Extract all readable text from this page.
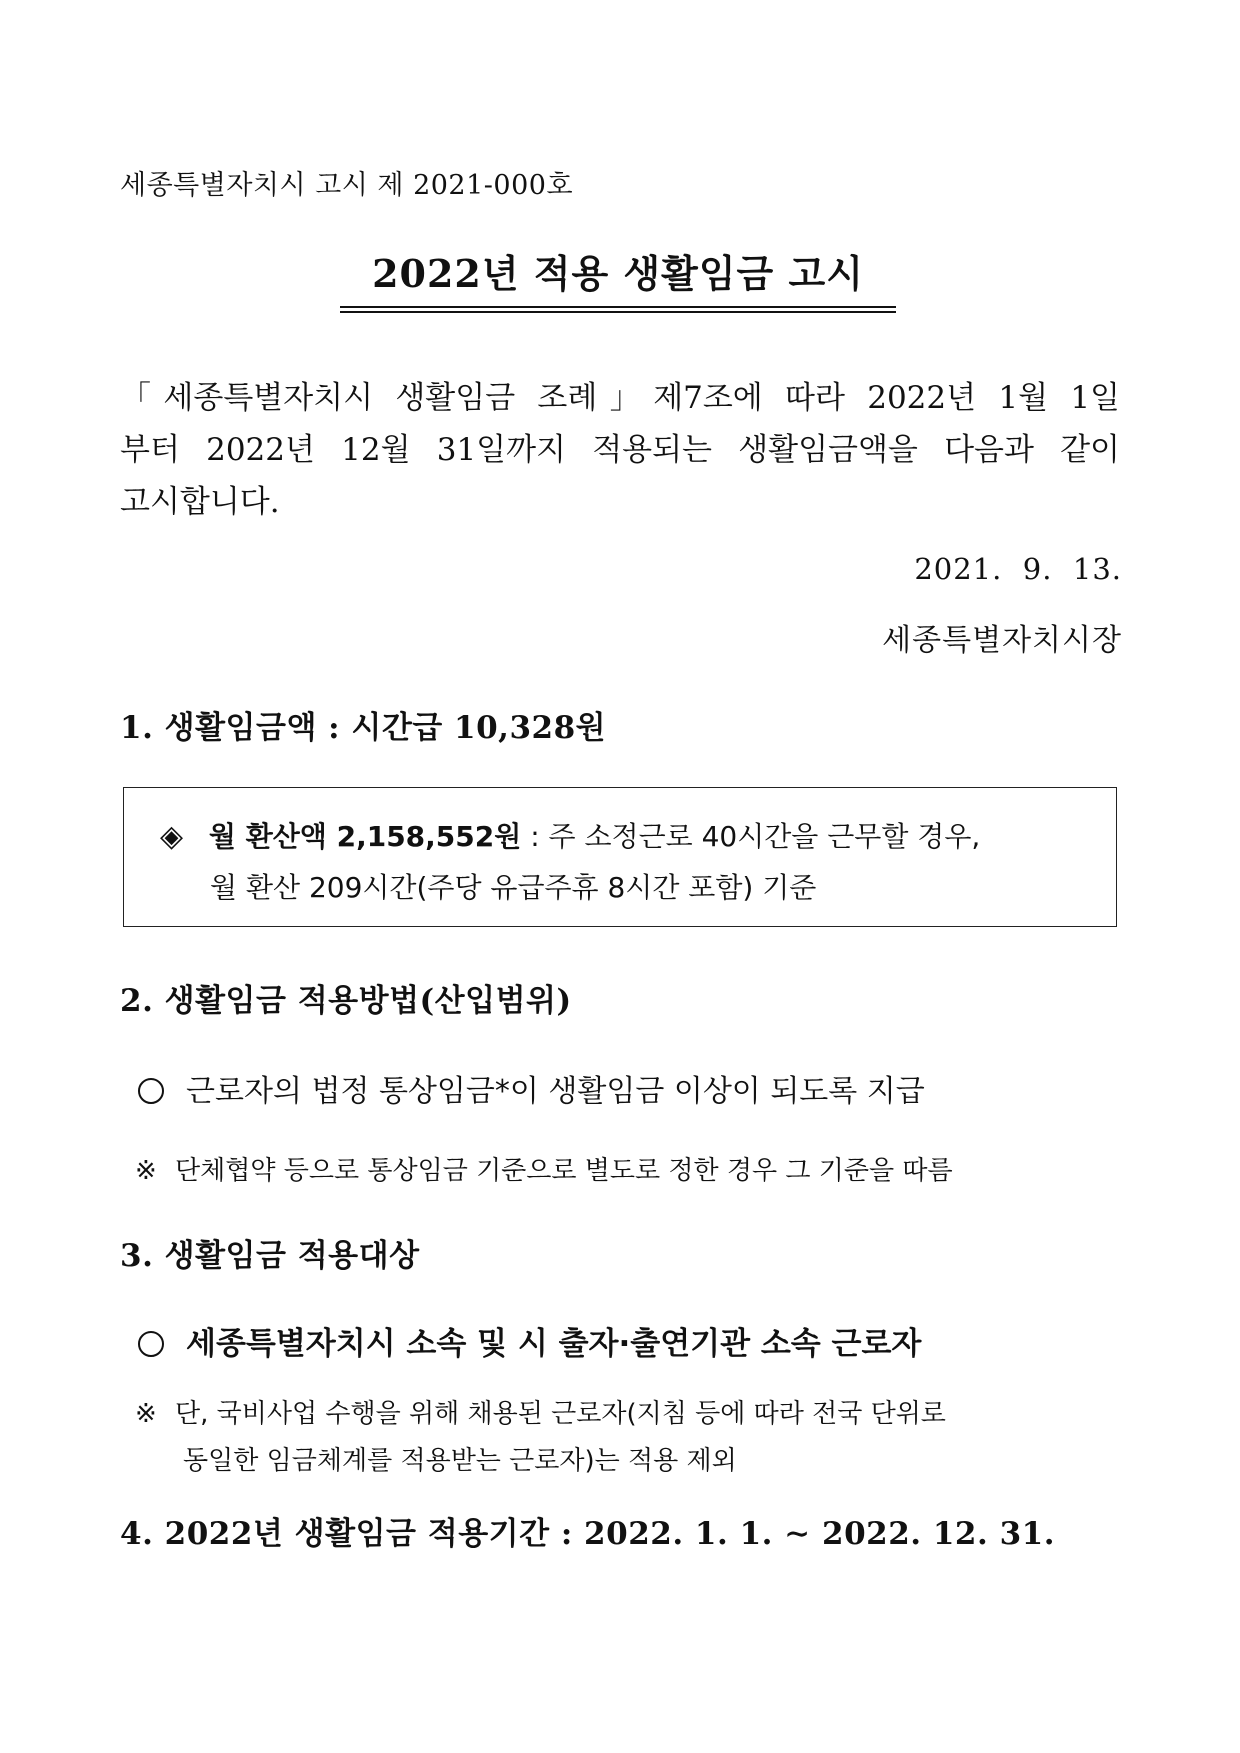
세종특별자치시 고시 제 2021-000호
2022년 적용 생활임금 고시

「세종특별자치시 생활임금 조례」제7조에 따라 2022년 1월 1일

부터 2022년 12월 31일까지 적용되는 생활임금액을 다음과 같이

고시합니다.

2021.  9.  13.
세종특별자치시장
1. 생활임금액 : 시간급 10,328원
◈ 월 환산액 2,158,552원 : 주 소정근로 40시간을 근무할 경우,
월 환산 209시간(주당 유급주휴 8시간 포함) 기준
2. 생활임금 적용방법(산입범위)
근로자의 법정 통상임금*이 생활임금 이상이 되도록 지급
※ 단체협약 등으로 통상임금 기준으로 별도로 정한 경우 그 기준을 따름
3. 생활임금 적용대상
세종특별자치시 소속 및 시 출자·출연기관 소속 근로자
※ 단, 국비사업 수행을 위해 채용된 근로자(지침 등에 따라 전국 단위로
동일한 임금체계를 적용받는 근로자)는 적용 제외
4. 2022년 생활임금 적용기간 : 2022. 1. 1. ∼ 2022. 12. 31.
